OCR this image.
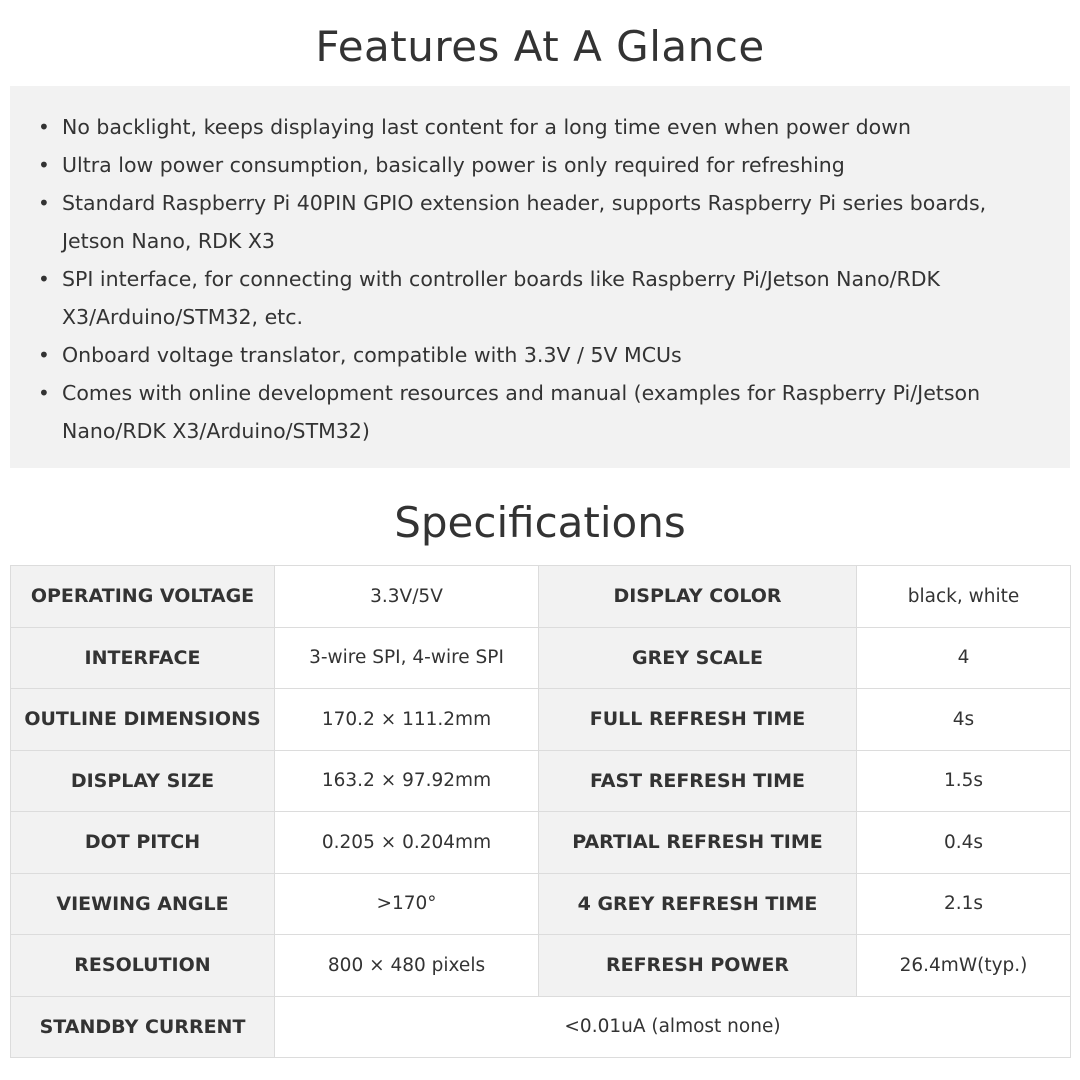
Features At A Glance
• No backlight, keeps displaying last content for a long time even when power down
• Ultra low power consumption, basically power is only required for refreshing
• Standard Raspberry Pi 40PIN GPIO extension header, supports Raspberry Pi series boards, Jetson Nano, RDK X3
• SPI interface, for connecting with controller boards like Raspberry Pi/Jetson Nano/RDK X3/Arduino/STM32, etc.
• Onboard voltage translator, compatible with 3.3V / 5V MCUs
• Comes with online development resources and manual (examples for Raspberry Pi/Jetson Nano/RDK X3/Arduino/STM32)
Specifications
OPERATING VOLTAGE	3.3V/5V	DISPLAY COLOR	black, white
INTERFACE	3-wire SPI, 4-wire SPI	GREY SCALE	4
OUTLINE DIMENSIONS	170.2 × 111.2mm	FULL REFRESH TIME	4s
DISPLAY SIZE	163.2 × 97.92mm	FAST REFRESH TIME	1.5s
DOT PITCH	0.205 × 0.204mm	PARTIAL REFRESH TIME	0.4s
VIEWING ANGLE	>170°	4 GREY REFRESH TIME	2.1s
RESOLUTION	800 × 480 pixels	REFRESH POWER	26.4mW(typ.)
STANDBY CURRENT	<0.01uA (almost none)		
